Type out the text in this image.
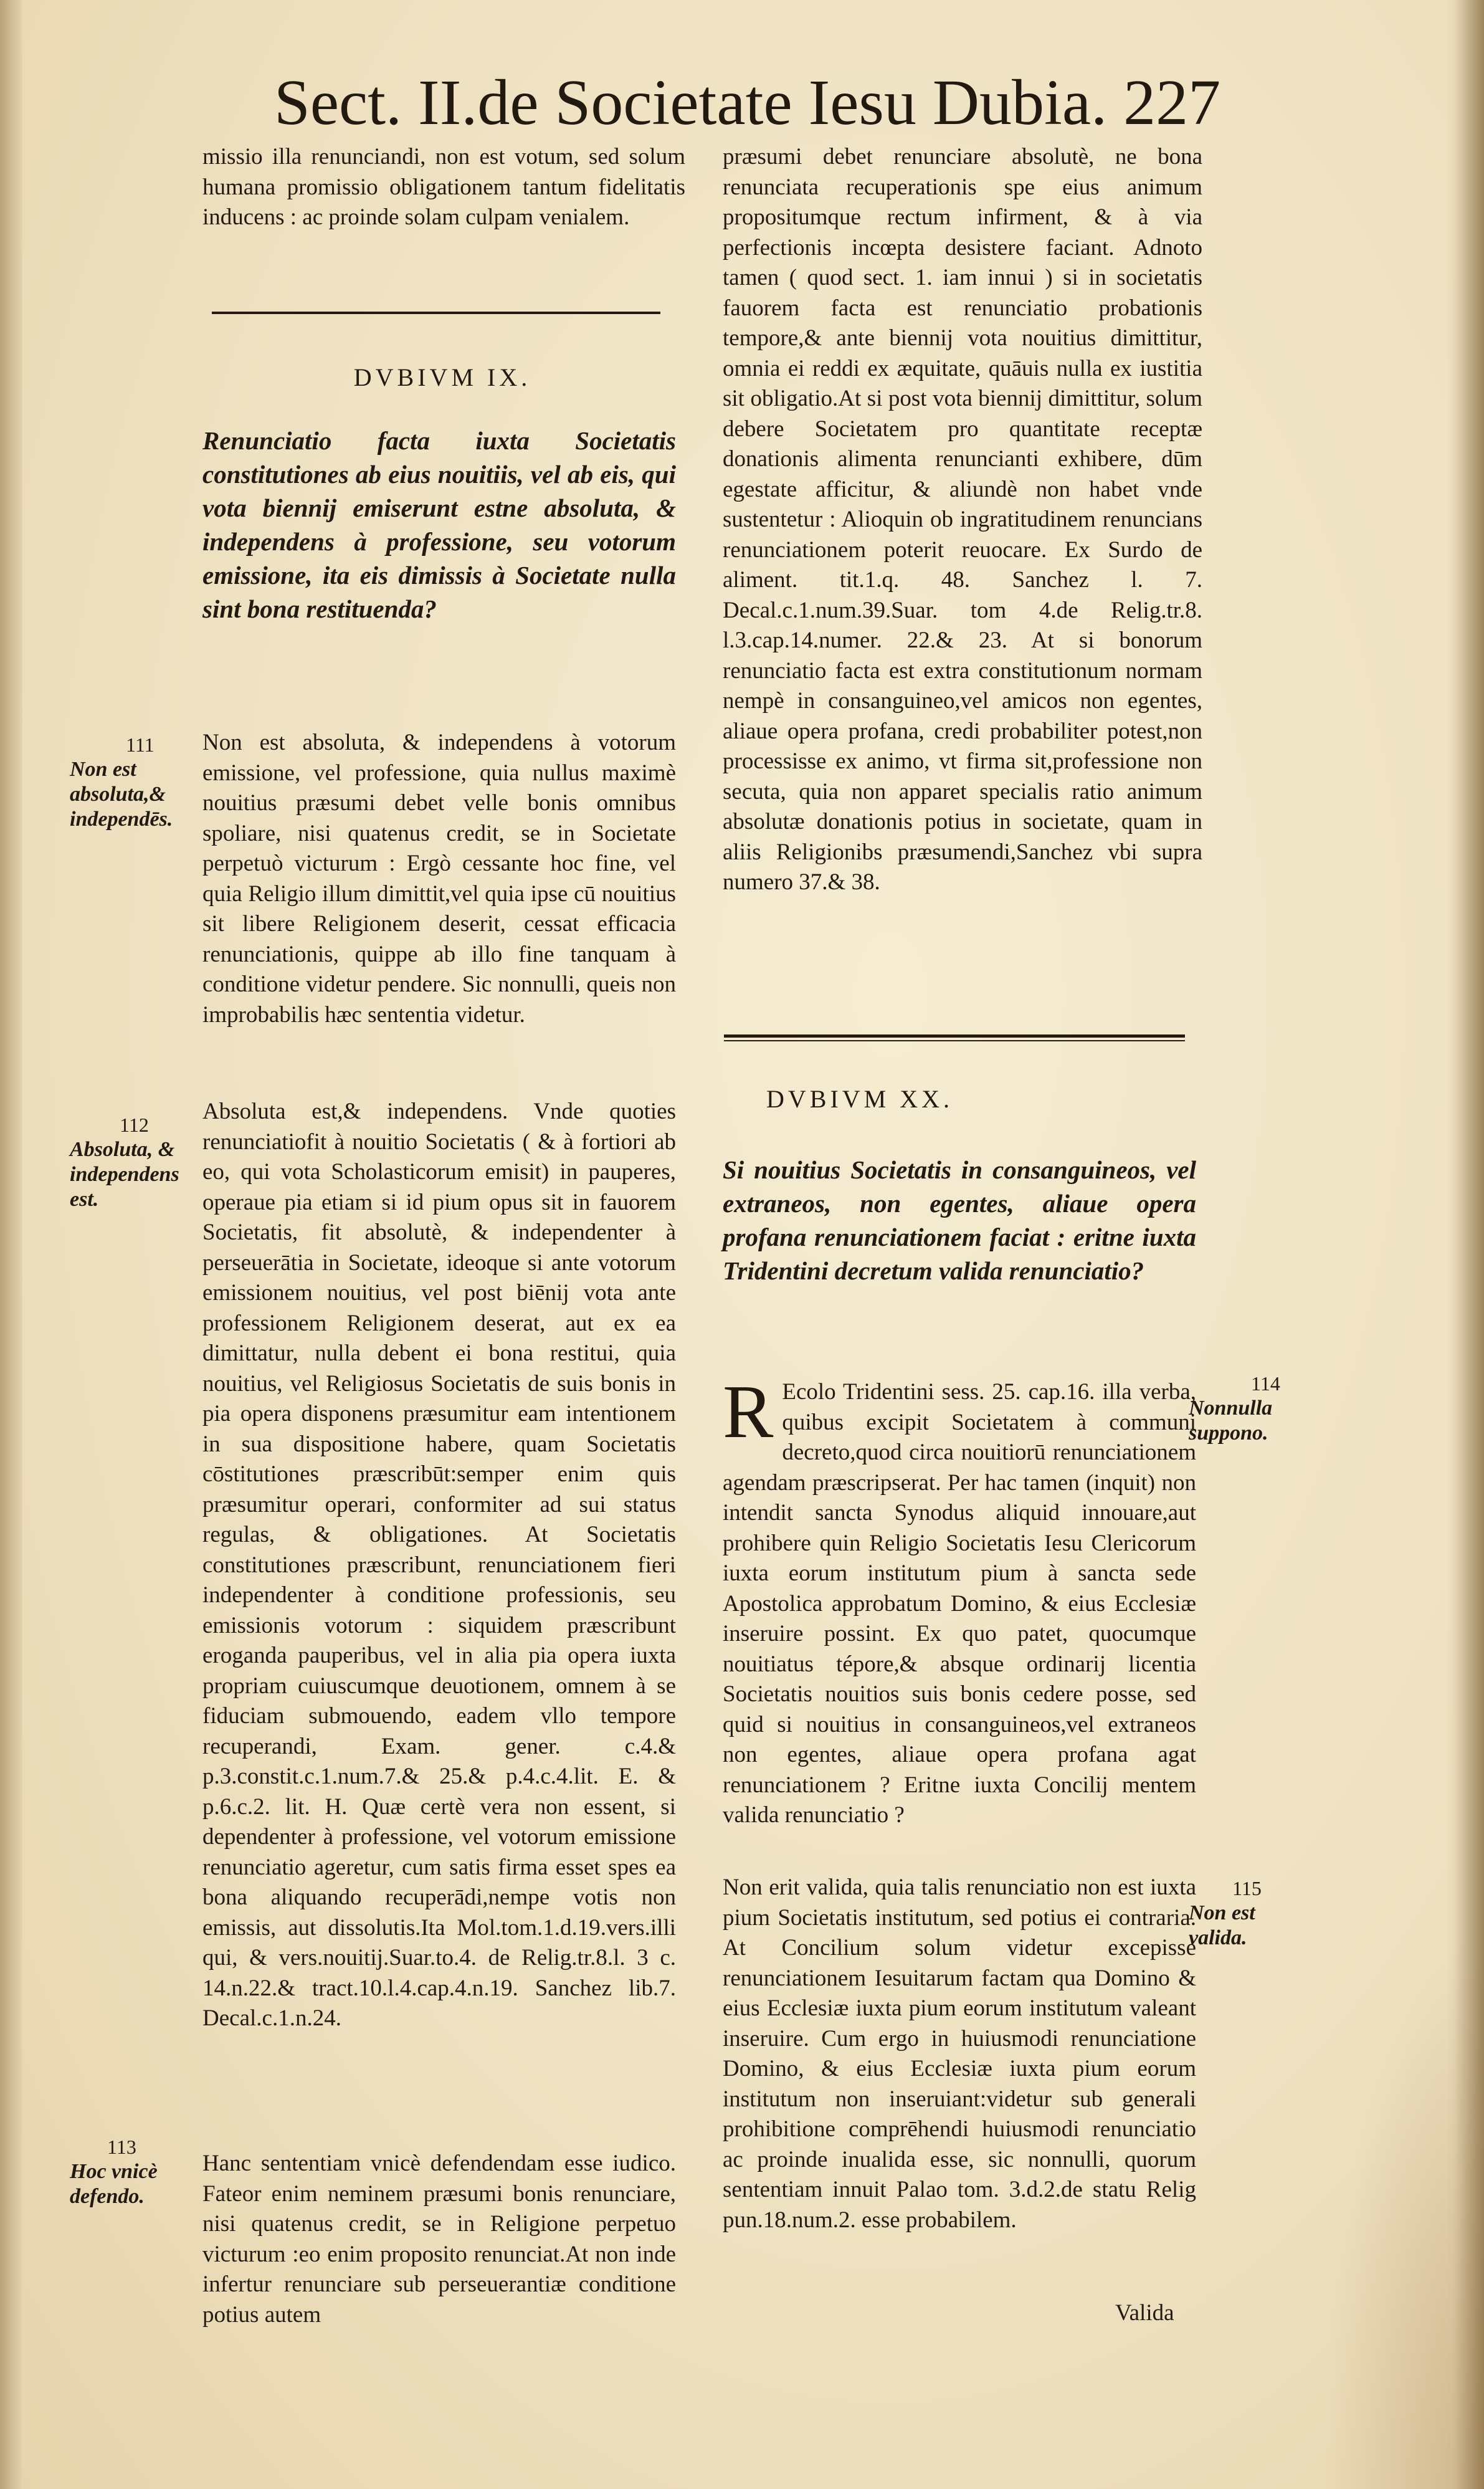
Sect. II.de Societate Iesu Dubia. 227
missio illa renunciandi, non est votum, sed solum humana promissio obligationem tantum fidelitatis inducens : ac proinde solam culpam venialem.
DVBIVM IX.
Renunciatio facta iuxta Societatis constitutiones ab eius nouitiis, vel ab eis, qui vota biennij emiserunt estne absoluta, & independens à professione, seu votorum emissione, ita eis dimissis à Societate nulla sint bona restituenda?

Non est absoluta, & independens à votorum emissione, vel professione, quia nullus maximè nouitius præsumi debet velle bonis omnibus spoliare, nisi quatenus credit, se in Societate perpetuò victurum : Ergò cessante hoc fine, vel quia Religio illum dimittit,vel quia ipse cū nouitius sit libere Religionem deserit, cessat efficacia renunciationis, quippe ab illo fine tanquam à conditione videtur pendere. Sic nonnulli, queis non improbabilis hæc sententia videtur.

Absoluta est,& independens. Vnde quoties renunciatiofit à nouitio Societatis ( & à fortiori ab eo, qui vota Scholasticorum emisit) in pauperes, operaue pia etiam si id pium opus sit in fauorem Societatis, fit absolutè, & independenter à perseuerātia in Societate, ideoque si ante votorum emissionem nouitius, vel post biēnij vota ante professionem Religionem deserat, aut ex ea dimittatur, nulla debent ei bona restitui, quia nouitius, vel Religiosus Societatis de suis bonis in pia opera disponens præsumitur eam intentionem in sua dispositione habere, quam Societatis cōstitutiones præscribūt:semper enim quis præsumitur operari, conformiter ad sui status regulas, & obligationes. At Societatis constitutiones præscribunt, renunciationem fieri independenter à conditione professionis, seu emissionis votorum : siquidem præscribunt eroganda pauperibus, vel in alia pia opera iuxta propriam cuiuscumque deuotionem, omnem à se fiduciam submouendo, eadem vllo tempore recuperandi, Exam. gener. c.4.& p.3.constit.c.1.num.7.& 25.& p.4.c.4.lit. E. & p.6.c.2. lit. H. Quæ certè vera non essent, si dependenter à professione, vel votorum emissione renunciatio ageretur, cum satis firma esset spes ea bona aliquando recuperādi,nempe votis non emissis, aut dissolutis.Ita Mol.tom.1.d.19.vers.illi qui, & vers.nouitij.Suar.to.4. de Relig.tr.8.l. 3 c. 14.n.22.& tract.10.l.4.cap.4.n.19. Sanchez lib.7. Decal.c.1.n.24.

Hanc sententiam vnicè defendendam esse iudico. Fateor enim neminem præsumi bonis renunciare, nisi quatenus credit, se in Religione perpetuo victurum :eo enim proposito renunciat.At non inde infertur renunciare sub perseuerantiæ conditione potius autem

111
Non est absoluta,& independēs.
112
Absoluta, & independens est.
113
Hoc vnicè defendo.
præsumi debet renunciare absolutè, ne bona renunciata recuperationis spe eius animum propositumque rectum infirment, & à via perfectionis incœpta desistere faciant. Adnoto tamen ( quod sect. 1. iam innui ) si in societatis fauorem facta est renunciatio probationis tempore,& ante biennij vota nouitius dimittitur, omnia ei reddi ex æquitate, quāuis nulla ex iustitia sit obligatio.At si post vota biennij dimittitur, solum debere Societatem pro quantitate receptæ donationis alimenta renuncianti exhibere, dūm egestate afficitur, & aliundè non habet vnde sustentetur : Alioquin ob ingratitudinem renuncians renunciationem poterit reuocare. Ex Surdo de aliment. tit.1.q. 48. Sanchez l. 7. Decal.c.1.num.39.Suar. tom 4.de Relig.tr.8. l.3.cap.14.numer. 22.& 23. At si bonorum renunciatio facta est extra constitutionum normam nempè in consanguineo,vel amicos non egentes, aliaue opera profana, credi probabiliter potest,non processisse ex animo, vt firma sit,professione non secuta, quia non apparet specialis ratio animum absolutæ donationis potius in societate, quam in aliis Religionibs præsumendi,Sanchez vbi supra numero 37.& 38.
DVBIVM XX.
Si nouitius Societatis in consanguineos, vel extraneos, non egentes, aliaue opera profana renunciationem faciat : eritne iuxta Tridentini decretum valida renunciatio?
R Ecolo Tridentini sess. 25. cap.16. illa verba, quibus excipit Societatem à communi decreto,quod circa nouitiorū renunciationem agendam præscripserat. Per hac tamen (inquit) non intendit sancta Synodus aliquid innouare,aut prohibere quin Religio Societatis Iesu Clericorum iuxta eorum institutum pium à sancta sede Apostolica approbatum Domino, & eius Ecclesiæ inseruire possint. Ex quo patet, quocumque nouitiatus tépore,& absque ordinarij licentia Societatis nouitios suis bonis cedere posse, sed quid si nouitius in consanguineos,vel extraneos non egentes, aliaue opera profana agat renunciationem ? Eritne iuxta Concilij mentem valida renunciatio ?

Non erit valida, quia talis renunciatio non est iuxta pium Societatis institutum, sed potius ei contraria. At Concilium solum videtur excepisse renunciationem Iesuitarum factam qua Domino & eius Ecclesiæ iuxta pium eorum institutum valeant inseruire. Cum ergo in huiusmodi renunciatione Domino, & eius Ecclesiæ iuxta pium eorum institutum non inseruiant:videtur sub generali prohibitione comprēhendi huiusmodi renunciatio ac proinde inualida esse, sic nonnulli, quorum sententiam innuit Palao tom. 3.d.2.de statu Relig pun.18.num.2. esse probabilem.

Valida
114
Nonnulla suppono.
115
Non est valida.
